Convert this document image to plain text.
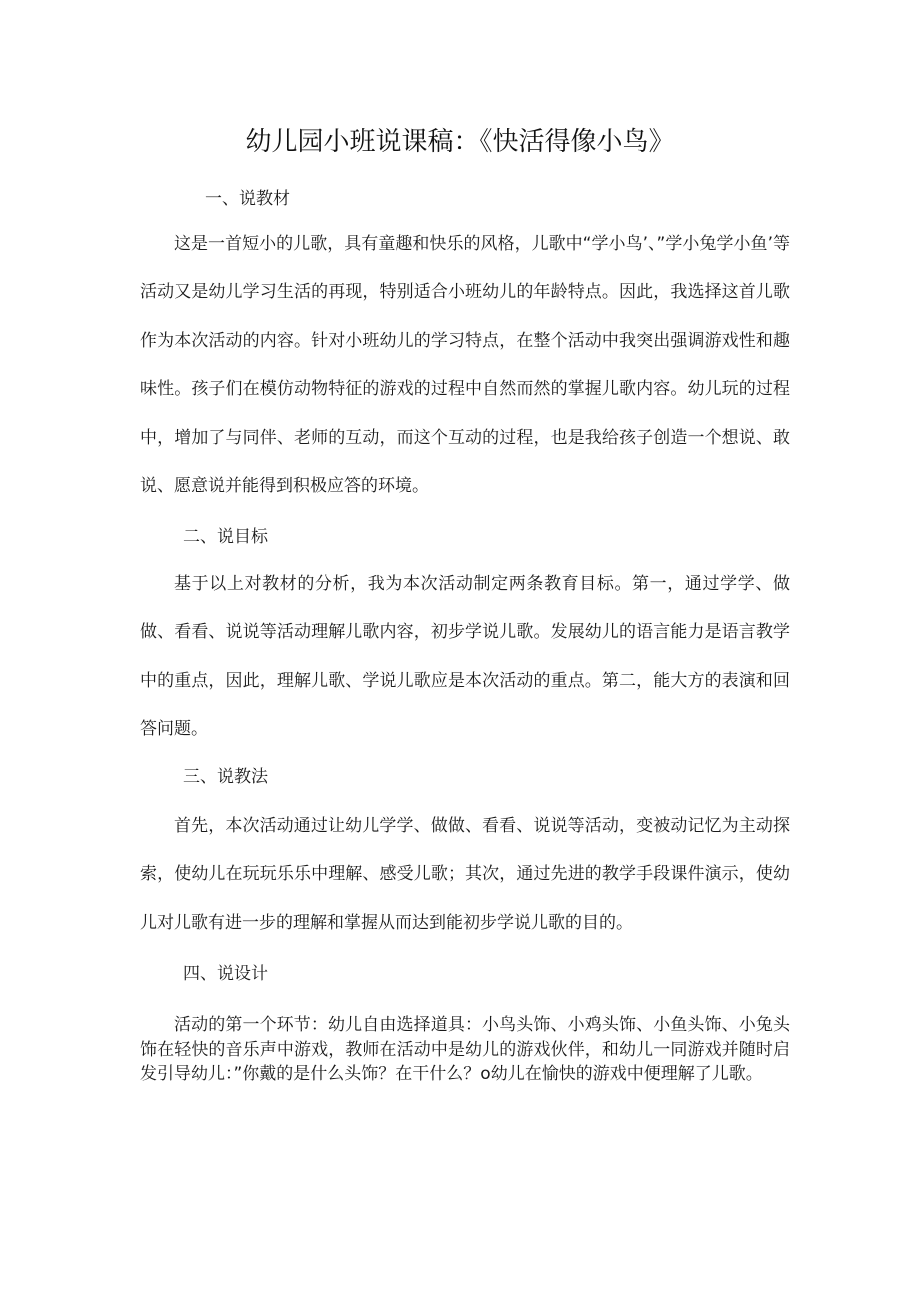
幼儿园小班说课稿：《快活得像小鸟》
一、说教材

这是一首短小的儿歌，具有童趣和快乐的风格，儿歌中“学小鸟’、”学小兔学小鱼’等活动又是幼儿学习生活的再现，特别适合小班幼儿的年龄特点。因此，我选择这首儿歌作为本次活动的内容。针对小班幼儿的学习特点，在整个活动中我突出强调游戏性和趣味性。孩子们在模仿动物特征的游戏的过程中自然而然的掌握儿歌内容。幼儿玩的过程中，增加了与同伴、老师的互动，而这个互动的过程，也是我给孩子创造一个想说、敢说、愿意说并能得到积极应答的环境。

二、说目标

基于以上对教材的分析，我为本次活动制定两条教育目标。第一，通过学学、做做、看看、说说等活动理解儿歌内容，初步学说儿歌。发展幼儿的语言能力是语言教学中的重点，因此，理解儿歌、学说儿歌应是本次活动的重点。第二，能大方的表演和回答问题。

三、说教法

首先，本次活动通过让幼儿学学、做做、看看、说说等活动，变被动记忆为主动探索，使幼儿在玩玩乐乐中理解、感受儿歌；其次，通过先进的教学手段课件演示，使幼儿对儿歌有进一步的理解和掌握从而达到能初步学说儿歌的目的。

四、说设计

活动的第一个环节：幼儿自由选择道具：小鸟头饰、小鸡头饰、小鱼头饰、小兔头饰在轻快的音乐声中游戏，教师在活动中是幼儿的游戏伙伴，和幼儿一同游戏并随时启发引导幼儿：”你戴的是什么头饰？在干什么？o幼儿在愉快的游戏中便理解了儿歌。
